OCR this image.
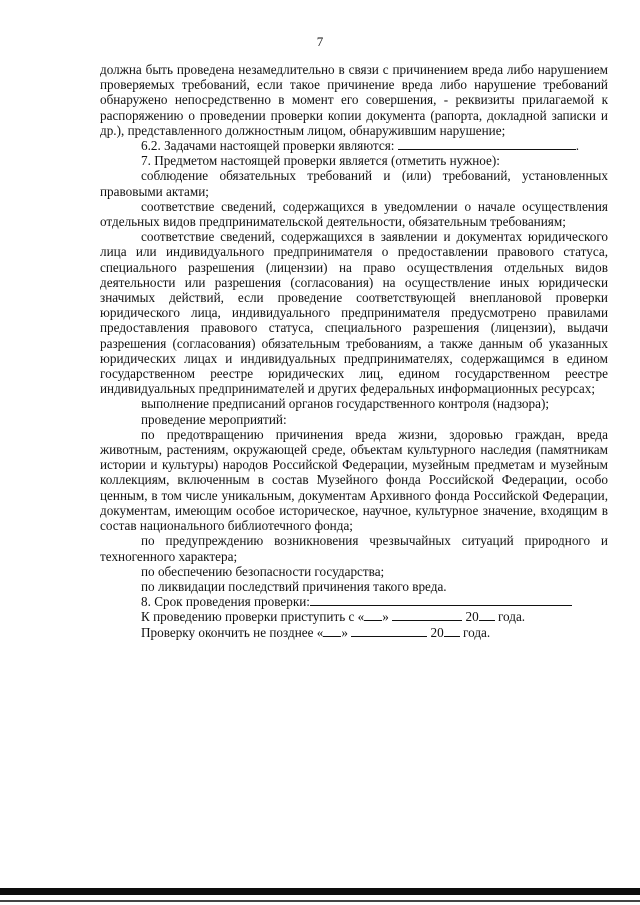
7

должна быть проведена незамедлительно в связи с причинением вреда либо нарушением проверяемых требований, если такое причинение вреда либо нарушение требований обнаружено непосредственно в момент его совершения, - реквизиты прилагаемой к распоряжению о проведении проверки копии документа (рапорта, докладной записки и др.), представленного должностным лицом, обнаружившим нарушение;

6.2. Задачами настоящей проверки являются:	.

7. Предметом настоящей проверки является (отметить нужное):

соблюдение обязательных требований и (или) требований, установленных правовыми актами;

соответствие сведений, содержащихся в уведомлении о начале осуществления отдельных видов предпринимательской деятельности, обязательным требованиям;

соответствие сведений, содержащихся в заявлении и документах юридического лица или индивидуального предпринимателя о предоставлении правового статуса, специального разрешения (лицензии) на право осуществления отдельных видов деятельности или разрешения (согласования) на осуществление иных юридически значимых действий, если проведение соответствующей внеплановой проверки юридического лица, индивидуального предпринимателя предусмотрено правилами предоставления правового статуса, специального разрешения (лицензии), выдачи разрешения (согласования) обязательным требованиям, а также данным об указанных юридических лицах и индивидуальных предпринимателях, содержащимся в едином государственном реестре юридических лиц, едином государственном реестре индивидуальных предпринимателей и других федеральных информационных ресурсах;

выполнение предписаний органов государственного контроля (надзора);

проведение мероприятий:

по предотвращению причинения вреда жизни, здоровью граждан, вреда животным, растениям, окружающей среде, объектам культурного наследия (памятникам истории и культуры) народов Российской Федерации, музейным предметам и музейным коллекциям, включенным в состав Музейного фонда Российской Федерации, особо ценным, в том числе уникальным, документам Архивного фонда Российской Федерации, документам, имеющим особое историческое, научное, культурное значение, входящим в состав национального библиотечного фонда;

по предупреждению возникновения чрезвычайных ситуаций природного и техногенного характера;

по обеспечению безопасности государства;

по ликвидации последствий причинения такого вреда.

8. Срок проведения проверки:

К проведению проверки приступить с « »	20 года.

Проверку окончить не позднее « »	20 года.
